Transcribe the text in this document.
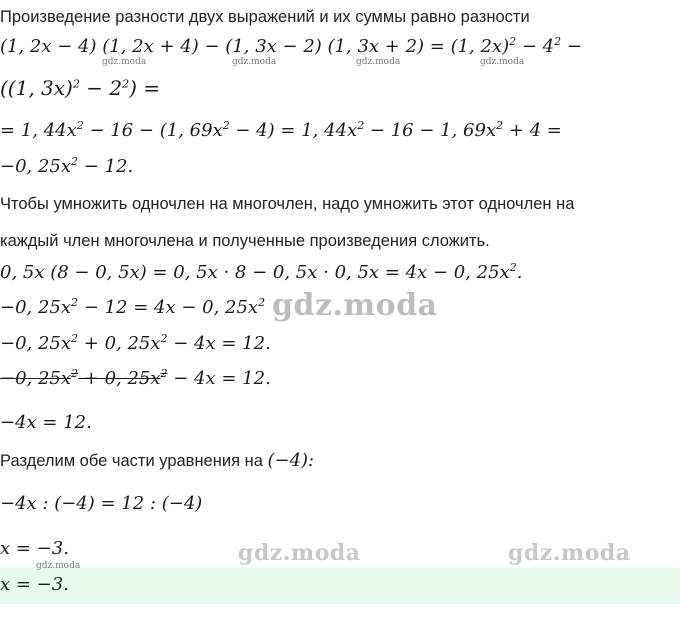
Произведение разности двух выражений и их суммы равно разности
(1, 2x − 4) (1, 2x + 4) − (1, 3x − 2) (1, 3x + 2) = (1, $2x)^2 - 4^2$ −
((1, $3x)^2 - 2^2$) =
= 1, $44x^2 - 16 - (1$, $69x^2 - 4) = 1$, $44x^2 - 16 - 1$, $69x^2 + 4$ =
−0, $25x^2 - 12$.
Чтобы умножить одночлен на многочлен, надо умножить этот одночлен на
каждый член многочлена и полученные произведения сложить.
0, 5x (8 − 0, 5x) = 0, 5x · 8 − 0, 5x · 0, 5x = 4x − 0, $25x^2$.
−0, $25x^2 - 12 = 4x - 0$, $25x^2$
−0, $25x^2 + 0$, $25x^2 - 4x = 12$.
−0, $25x^2 + 0$, $25x^2 - 4x = 12$.
−4x = 12.
Разделим обе части уравнения на (−4):
−4x : (−4) = 12 : (−4)
x = −3.
x = −3.
gdz.moda	gdz.moda	gdz.moda	gdz.moda
gdz.moda
gdz.moda	gdz.moda
gdz.moda
